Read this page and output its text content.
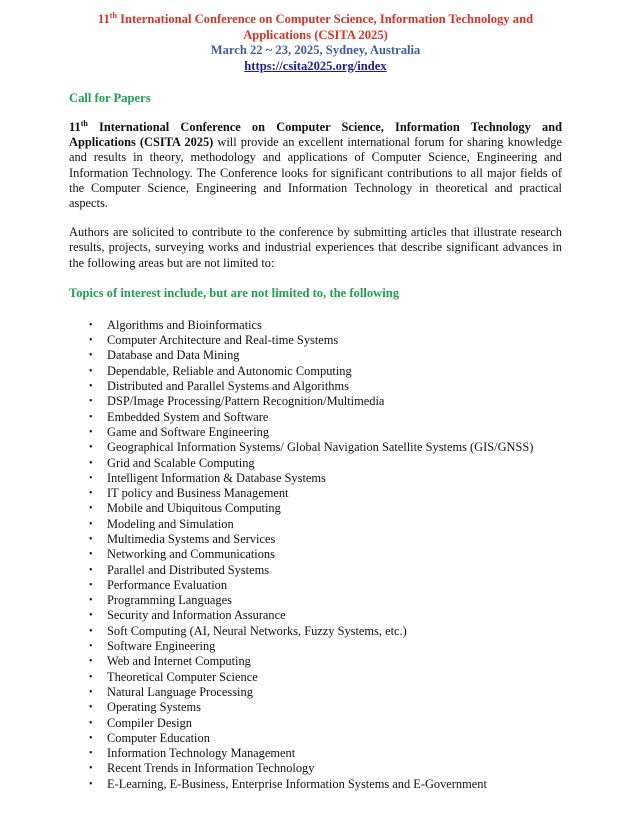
11th International Conference on Computer Science, Information Technology and
Applications (CSITA 2025)
March 22 ~ 23, 2025, Sydney, Australia
https://csita2025.org/index
Call for Papers

11th International Conference on Computer Science, Information Technology and Applications (CSITA 2025) will provide an excellent international forum for sharing knowledge and results in theory, methodology and applications of Computer Science, Engineering and Information Technology. The Conference looks for significant contributions to all major fields of the Computer Science, Engineering and Information Technology in theoretical and practical aspects.

Authors are solicited to contribute to the conference by submitting articles that illustrate research results, projects, surveying works and industrial experiences that describe significant advances in the following areas but are not limited to:

Topics of interest include, but are not limited to, the following
• Algorithms and Bioinformatics
• Computer Architecture and Real-time Systems
• Database and Data Mining
• Dependable, Reliable and Autonomic Computing
• Distributed and Parallel Systems and Algorithms
• DSP/Image Processing/Pattern Recognition/Multimedia
• Embedded System and Software
• Game and Software Engineering
• Geographical Information Systems/ Global Navigation Satellite Systems (GIS/GNSS)
• Grid and Scalable Computing
• Intelligent Information & Database Systems
• IT policy and Business Management
• Mobile and Ubiquitous Computing
• Modeling and Simulation
• Multimedia Systems and Services
• Networking and Communications
• Parallel and Distributed Systems
• Performance Evaluation
• Programming Languages
• Security and Information Assurance
• Soft Computing (AI, Neural Networks, Fuzzy Systems, etc.)
• Software Engineering
• Web and Internet Computing
• Theoretical Computer Science
• Natural Language Processing
• Operating Systems
• Compiler Design
• Computer Education
• Information Technology Management
• Recent Trends in Information Technology
• E-Learning, E-Business, Enterprise Information Systems and E-Government
